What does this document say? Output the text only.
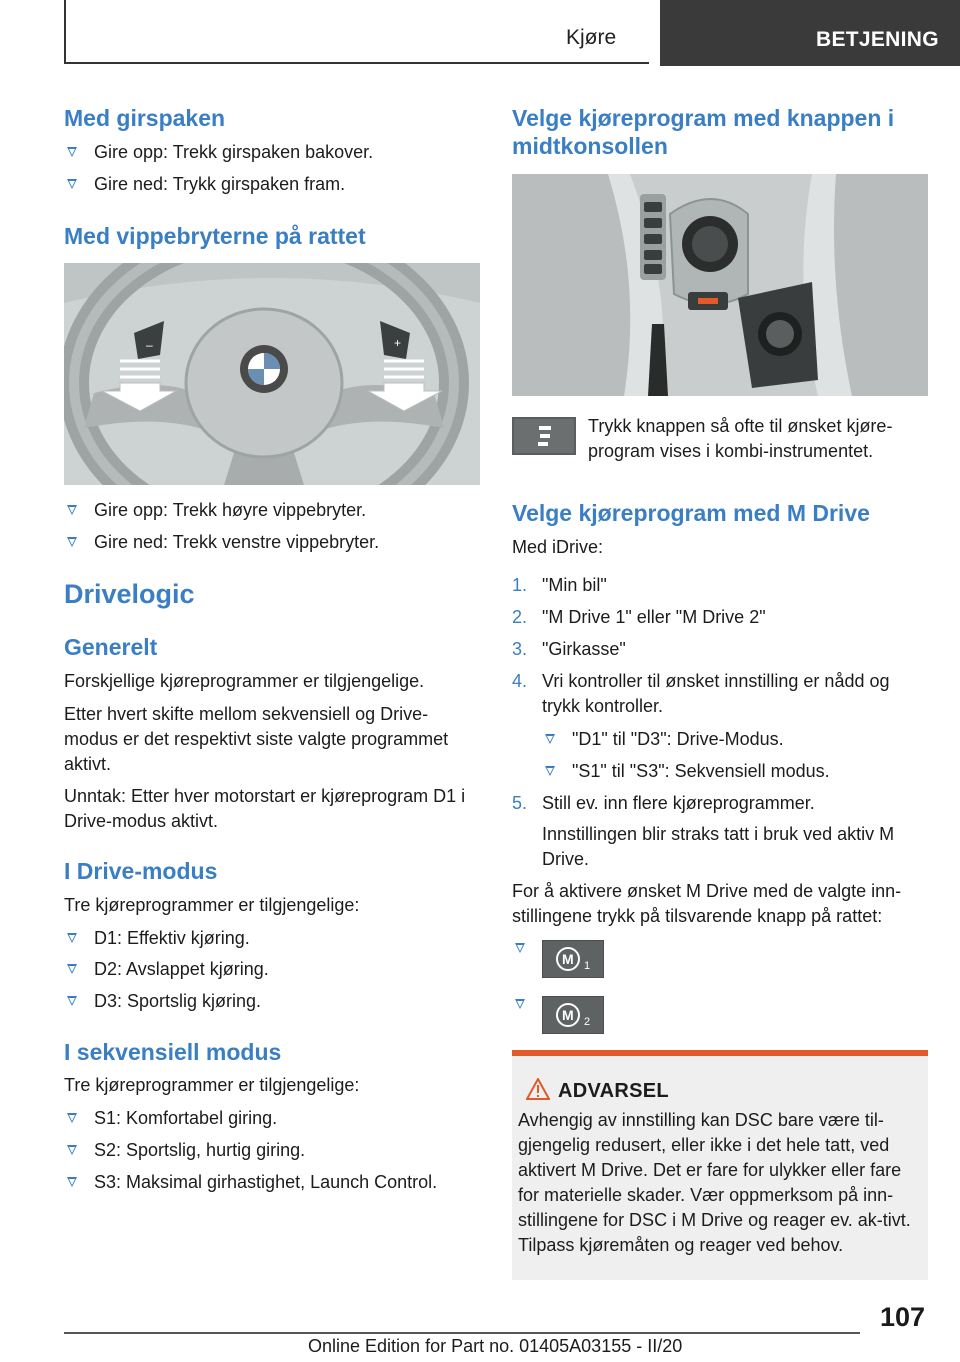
Kjøre	BETJENING
Med girspaken
Gire opp: Trekk girspaken bakover.
Gire ned: Trykk girspaken fram.
Med vippebryterne på rattet
–	+
Gire opp: Trekk høyre vippebryter.
Gire ned: Trekk venstre vippebryter.
Drivelogic
Generelt

Forskjellige kjøreprogrammer er tilgjengelige.

Etter hvert skifte mellom sekvensiell og Drive-modus er det respektivt siste valgte programmet aktivt.

Unntak: Etter hver motorstart er kjøreprogram D1 i Drive-modus aktivt.

I Drive-modus

Tre kjøreprogrammer er tilgjengelige:

D1: Effektiv kjøring.
D2: Avslappet kjøring.
D3: Sportslig kjøring.
I sekvensiell modus

Tre kjøreprogrammer er tilgjengelige:

S1: Komfortabel giring.
S2: Sportslig, hurtig giring.
S3: Maksimal girhastighet, Launch Control.
Velge kjøreprogram med knappen i midtkonsollen

Trykk knappen så ofte til ønsket kjøre-program vises i kombi-instrumentet.

Velge kjøreprogram med M Drive

Med iDrive:

1. "Min bil"
2. "M Drive 1" eller "M Drive 2"
3. "Girkasse"
4. Vri kontroller til ønsket innstilling er nådd og trykk kontroller.
"D1" til "D3": Drive-Modus.
"S1" til "S3": Sekvensiell modus.
5. Still ev. inn flere kjøreprogrammer.

Innstillingen blir straks tatt i bruk ved aktiv M Drive.

For å aktivere ønsket M Drive med de valgte inn-stillingene trykk på tilsvarende knapp på rattet:

M 1
M 2
ADVARSEL
Avhengig av innstilling kan DSC bare være til-gjengelig redusert, eller ikke i det hele tatt, ved aktivert M Drive. Det er fare for ulykker eller fare for materielle skader. Vær oppmerksom på inn-stillingene for DSC i M Drive og reager ev. ak-tivt. Tilpass kjøremåten og reager ved behov.
107
Online Edition for Part no. 01405A03155 - II/20
